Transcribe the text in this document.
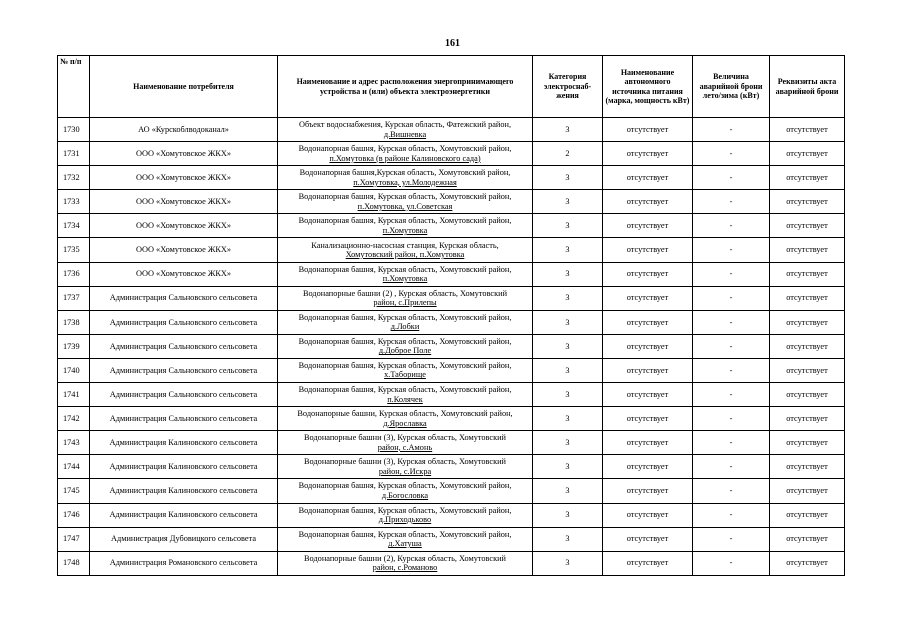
161
№ п/п	Наименование потребителя	Наименование и адрес расположения энергопринимающего устройства и (или) объекта электроэнергетики	Категория электроснаб-жения	Наименование автономного источника питания (марка, мощность кВт)	Величина аварийной брони лето/зима (кВт)	Реквизиты акта аварийной брони
1730	АО «Курскоблводоканал»	Объект водоснабжения, Курская область, Фатежский район,
д.Вишневка	3	отсутствует	-	отсутствует
1731	ООО «Хомутовское ЖКХ»	Водонапорная башня, Курская область, Хомутовский район,
п.Хомутовка (в районе Калиновского сада)	2	отсутствует	-	отсутствует
1732	ООО «Хомутовское ЖКХ»	Водонапорная башня,Курская область, Хомутовский район,
п.Хомутовка, ул.Молодежная	3	отсутствует	-	отсутствует
1733	ООО «Хомутовское ЖКХ»	Водонапорная башня, Курская область, Хомутовский район,
п.Хомутовка, ул.Советская	3	отсутствует	-	отсутствует
1734	ООО «Хомутовское ЖКХ»	Водонапорная башня, Курская область, Хомутовский район,
п.Хомутовка	3	отсутствует	-	отсутствует
1735	ООО «Хомутовское ЖКХ»	Канализационно-насосная станция, Курская область,
Хомутовский район, п.Хомутовка	3	отсутствует	-	отсутствует
1736	ООО «Хомутовское ЖКХ»	Водонапорная башня, Курская область, Хомутовский район,
п.Хомутовка	3	отсутствует	-	отсутствует
1737	Администрация Сальновского сельсовета	Водонапорные башни (2) , Курская область, Хомутовский
район, с.Прилепы	3	отсутствует	-	отсутствует
1738	Администрация Сальновского сельсовета	Водонапорная башня, Курская область, Хомутовский район,
д.Лобки	3	отсутствует	-	отсутствует
1739	Администрация Сальновского сельсовета	Водонапорная башня, Курская область, Хомутовский район,
д.Доброе Поле	3	отсутствует	-	отсутствует
1740	Администрация Сальновского сельсовета	Водонапорная башня, Курская область, Хомутовский район,
х.Таборище	3	отсутствует	-	отсутствует
1741	Администрация Сальновского сельсовета	Водонапорная башня, Курская область, Хомутовский район,
п.Колячек	3	отсутствует	-	отсутствует
1742	Администрация Сальновского сельсовета	Водонапорные башни, Курская область, Хомутовский район,
д.Ярославка	3	отсутствует	-	отсутствует
1743	Администрация Калиновского сельсовета	Водонапорные башни (3), Курская область, Хомутовский
район, с.Амонь	3	отсутствует	-	отсутствует
1744	Администрация Калиновского сельсовета	Водонапорные башни (3), Курская область, Хомутовский
район, с.Искра	3	отсутствует	-	отсутствует
1745	Администрация Калиновского сельсовета	Водонапорная башня, Курская область, Хомутовский район,
д.Богословка	3	отсутствует	-	отсутствует
1746	Администрация Калиновского сельсовета	Водонапорная башня, Курская область, Хомутовский район,
д.Приходьково	3	отсутствует	-	отсутствует
1747	Администрация Дубовицкого сельсовета	Водонапорная башня, Курская область, Хомутовский район,
д.Хатуша	3	отсутствует	-	отсутствует
1748	Администрация Романовского сельсовета	Водонапорные башни (2), Курская область, Хомутовский
район, с.Романово	3	отсутствует	-	отсутствует
